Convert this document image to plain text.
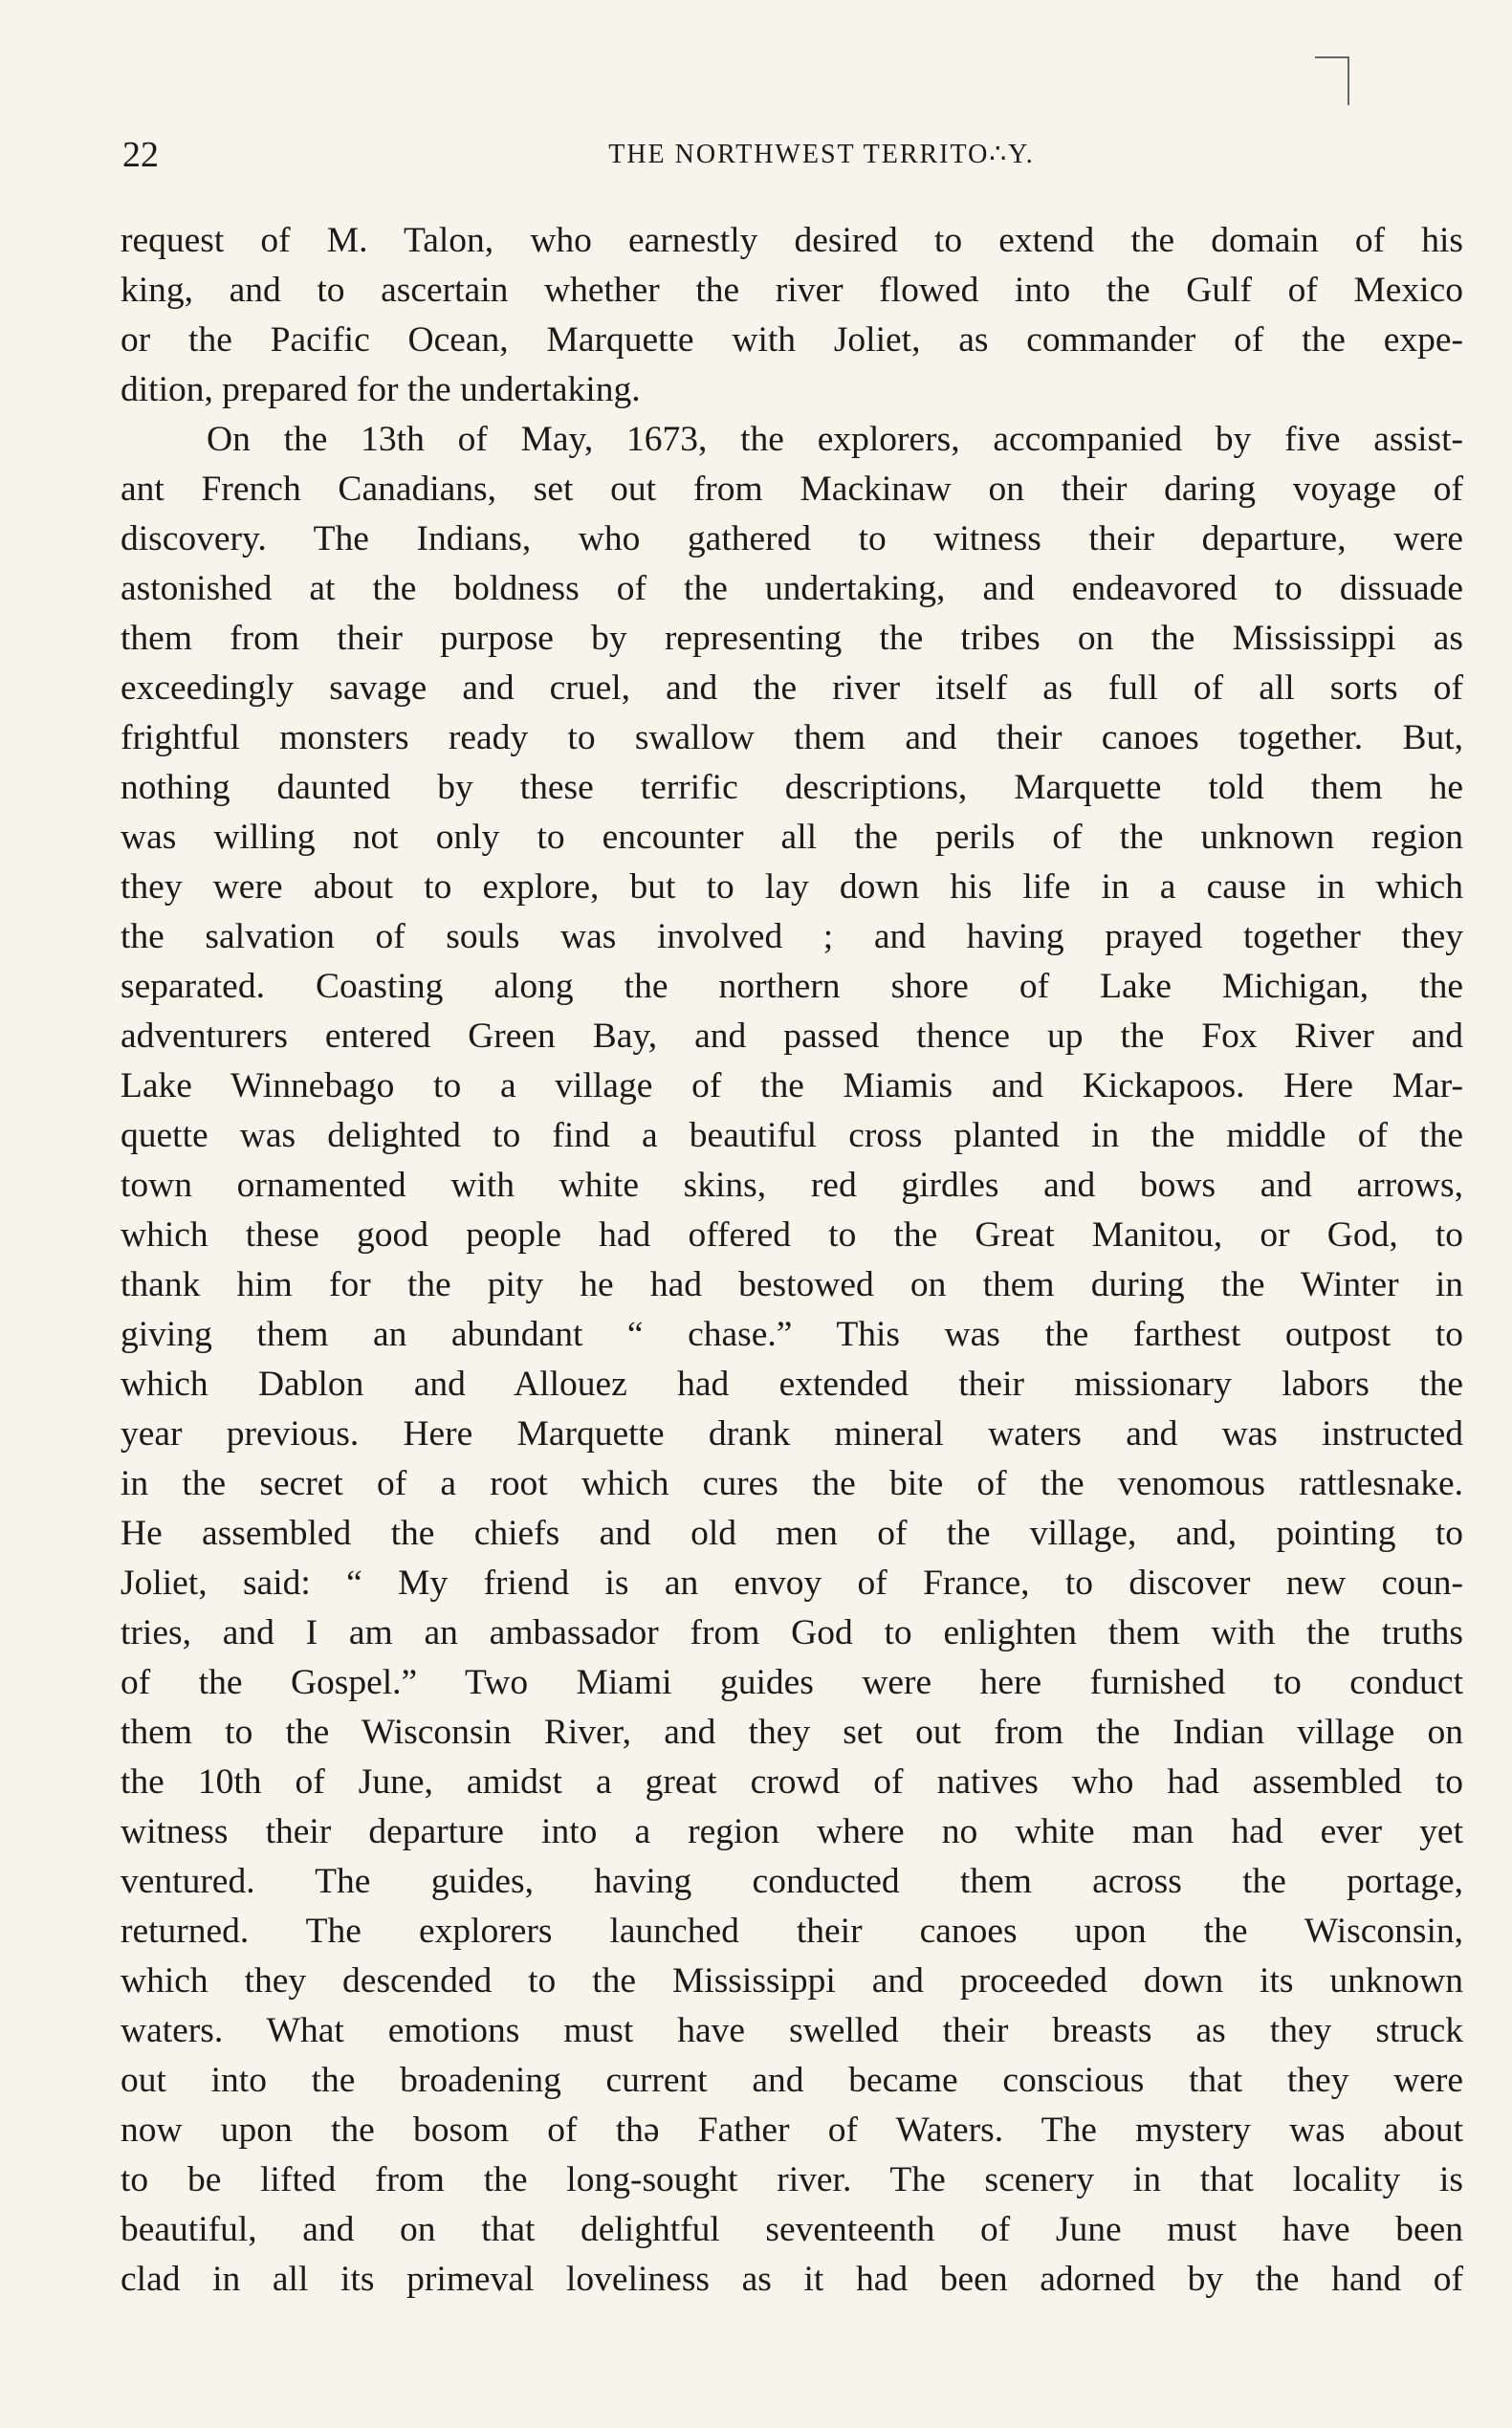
22	THE NORTHWEST TERRITO∴Y.
request of M. Talon, who earnestly desired to extend the domain of his
king, and to ascertain whether the river flowed into the Gulf of Mexico
or the Pacific Ocean, Marquette with Joliet, as commander of the expe-
dition, prepared for the undertaking.
On the 13th of May, 1673, the explorers, accompanied by five assist-
ant French Canadians, set out from Mackinaw on their daring voyage of
discovery. The Indians, who gathered to witness their departure, were
astonished at the boldness of the undertaking, and endeavored to dissuade
them from their purpose by representing the tribes on the Mississippi as
exceedingly savage and cruel, and the river itself as full of all sorts of
frightful monsters ready to swallow them and their canoes together. But,
nothing daunted by these terrific descriptions, Marquette told them he
was willing not only to encounter all the perils of the unknown region
they were about to explore, but to lay down his life in a cause in which
the salvation of souls was involved ; and having prayed together they
separated. Coasting along the northern shore of Lake Michigan, the
adventurers entered Green Bay, and passed thence up the Fox River and
Lake Winnebago to a village of the Miamis and Kickapoos. Here Mar-
quette was delighted to find a beautiful cross planted in the middle of the
town ornamented with white skins, red girdles and bows and arrows,
which these good people had offered to the Great Manitou, or God, to
thank him for the pity he had bestowed on them during the Winter in
giving them an abundant “ chase.” This was the farthest outpost to
which Dablon and Allouez had extended their missionary labors the
year previous. Here Marquette drank mineral waters and was instructed
in the secret of a root which cures the bite of the venomous rattlesnake.
He assembled the chiefs and old men of the village, and, pointing to
Joliet, said: “ My friend is an envoy of France, to discover new coun-
tries, and I am an ambassador from God to enlighten them with the truths
of the Gospel.” Two Miami guides were here furnished to conduct
them to the Wisconsin River, and they set out from the Indian village on
the 10th of June, amidst a great crowd of natives who had assembled to
witness their departure into a region where no white man had ever yet
ventured. The guides, having conducted them across the portage,
returned. The explorers launched their canoes upon the Wisconsin,
which they descended to the Mississippi and proceeded down its unknown
waters. What emotions must have swelled their breasts as they struck
out into the broadening current and became conscious that they were
now upon the bosom of thə Father of Waters. The mystery was about
to be lifted from the long-sought river. The scenery in that locality is
beautiful, and on that delightful seventeenth of June must have been
clad in all its primeval loveliness as it had been adorned by the hand of
